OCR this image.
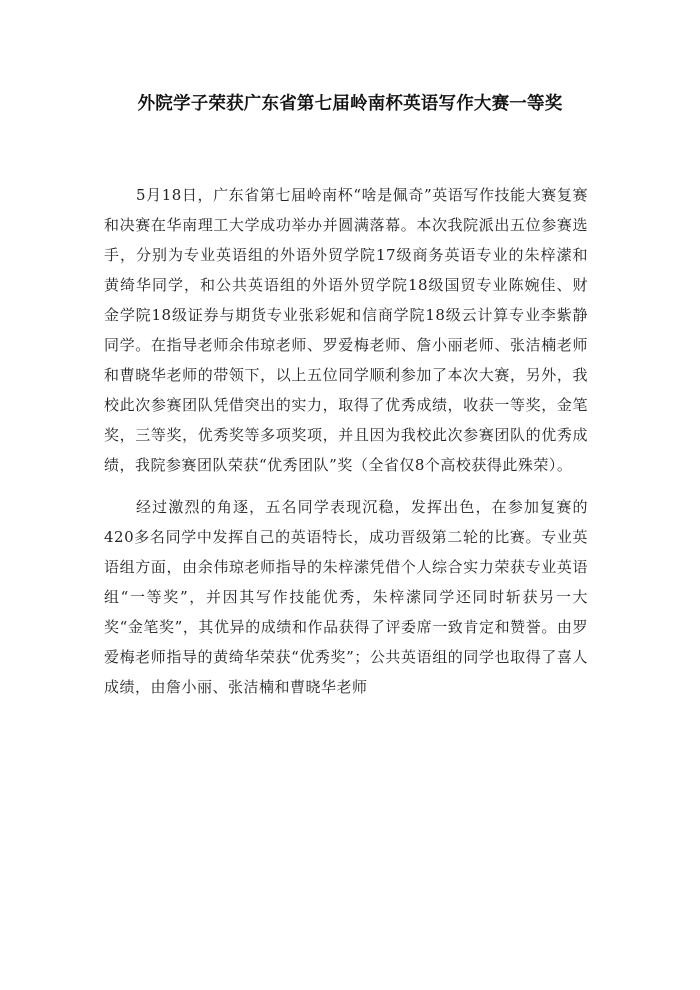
外院学子荣获广东省第七届岭南杯英语写作大赛一等奖

5月18日，广东省第七届岭南杯“啥是佩奇”英语写作技能大赛复赛和决赛在华南理工大学成功举办并圆满落幕。本次我院派出五位参赛选手，分别为专业英语组的外语外贸学院17级商务英语专业的朱梓潆和黄绮华同学，和公共英语组的外语外贸学院18级国贸专业陈婉佳、财金学院18级证券与期货专业张彩妮和信商学院18级云计算专业李紫静同学。在指导老师余伟琼老师、罗爱梅老师、詹小丽老师、张洁楠老师和曹晓华老师的带领下，以上五位同学顺利参加了本次大赛，另外，我校此次参赛团队凭借突出的实力，取得了优秀成绩，收获一等奖，金笔奖，三等奖，优秀奖等多项奖项，并且因为我校此次参赛团队的优秀成绩，我院参赛团队荣获“优秀团队”奖（全省仅8个高校获得此殊荣）。

经过激烈的角逐，五名同学表现沉稳，发挥出色，在参加复赛的420多名同学中发挥自己的英语特长，成功晋级第二轮的比赛。专业英语组方面，由余伟琼老师指导的朱梓潆凭借个人综合实力荣获专业英语组“一等奖”，并因其写作技能优秀，朱梓潆同学还同时斩获另一大奖“金笔奖”，其优异的成绩和作品获得了评委席一致肯定和赞誉。由罗爱梅老师指导的黄绮华荣获“优秀奖”；公共英语组的同学也取得了喜人成绩，由詹小丽、张洁楠和曹晓华老师
